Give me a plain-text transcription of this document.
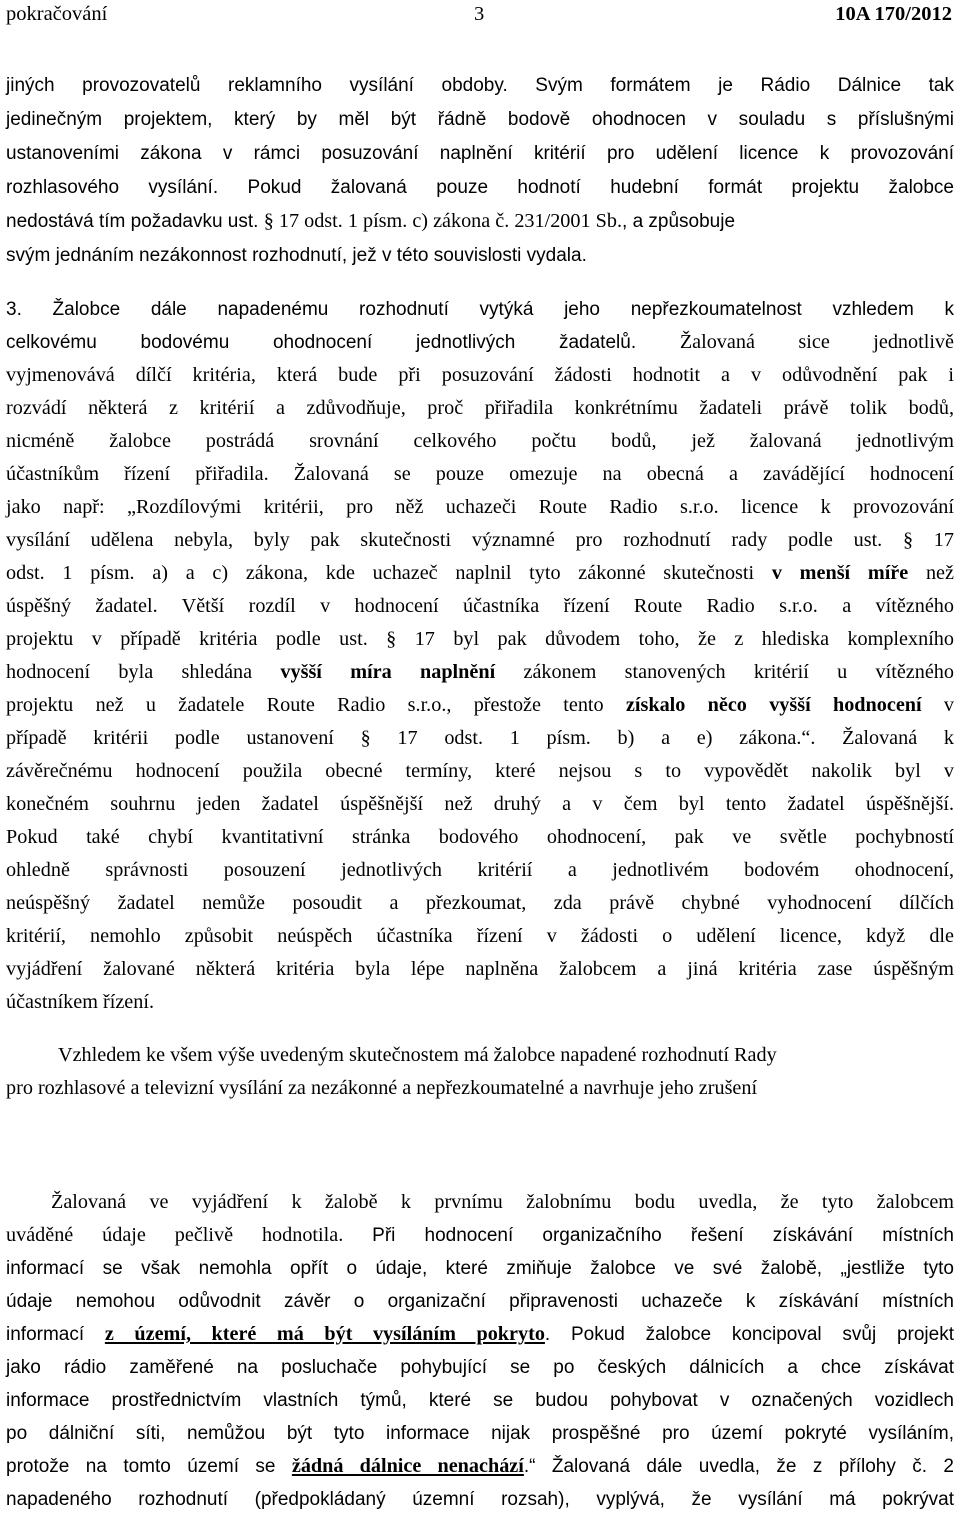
pokračování	3	10A 170/2012
jiných provozovatelů reklamního vysílání obdoby. Svým formátem je Rádio Dálnice tak
jedinečným projektem, který by měl být řádně bodově ohodnocen v souladu s příslušnými
ustanoveními zákona v rámci posuzování naplnění kritérií pro udělení licence k provozování
rozhlasového vysílání. Pokud žalovaná pouze hodnotí hudební formát projektu žalobce
nedostává tím požadavku ust. § 17 odst. 1 písm. c) zákona č. 231/2001 Sb., a způsobuje
svým jednáním nezákonnost rozhodnutí, jež v této souvislosti vydala.
3. Žalobce dále napadenému rozhodnutí vytýká jeho nepřezkoumatelnost vzhledem k
celkovému bodovému ohodnocení jednotlivých žadatelů. Žalovaná sice jednotlivě
vyjmenovává dílčí kritéria, která bude při posuzování žádosti hodnotit a v odůvodnění pak i
rozvádí některá z kritérií a zdůvodňuje, proč přiřadila konkrétnímu žadateli právě tolik bodů,
nicméně žalobce postrádá srovnání celkového počtu bodů, jež žalovaná jednotlivým
účastníkům řízení přiřadila. Žalovaná se pouze omezuje na obecná a zavádějící hodnocení
jako např: „Rozdílovými kritérii, pro něž uchazeči Route Radio s.r.o. licence k provozování
vysílání udělena nebyla, byly pak skutečnosti významné pro rozhodnutí rady podle ust. § 17
odst. 1 písm. a) a c) zákona, kde uchazeč naplnil tyto zákonné skutečnosti v menší míře než
úspěšný žadatel. Větší rozdíl v hodnocení účastníka řízení Route Radio s.r.o. a vítězného
projektu v případě kritéria podle ust. § 17 byl pak důvodem toho, že z hlediska komplexního
hodnocení byla shledána vyšší míra naplnění zákonem stanovených kritérií u vítězného
projektu než u žadatele Route Radio s.r.o., přestože tento získalo něco vyšší hodnocení v
případě kritérii podle ustanovení § 17 odst. 1 písm. b) a e) zákona.“. Žalovaná k
závěrečnému hodnocení použila obecné termíny, které nejsou s to vypovědět nakolik byl v
konečném souhrnu jeden žadatel úspěšnější než druhý a v čem byl tento žadatel úspěšnější.
Pokud také chybí kvantitativní stránka bodového ohodnocení, pak ve světle pochybností
ohledně správnosti posouzení jednotlivých kritérií a jednotlivém bodovém ohodnocení,
neúspěšný žadatel nemůže posoudit a přezkoumat, zda právě chybné vyhodnocení dílčích
kritérií, nemohlo způsobit neúspěch účastníka řízení v žádosti o udělení licence, když dle
vyjádření žalované některá kritéria byla lépe naplněna žalobcem a jiná kritéria zase úspěšným
účastníkem řízení.
Vzhledem ke všem výše uvedeným skutečnostem má žalobce napadené rozhodnutí Rady
pro rozhlasové a televizní vysílání za nezákonné a nepřezkoumatelné a navrhuje jeho zrušení
Žalovaná ve vyjádření k žalobě k prvnímu žalobnímu bodu uvedla, že tyto žalobcem
uváděné údaje pečlivě hodnotila. Při hodnocení organizačního řešení získávání místních
informací se však nemohla opřít o údaje, které zmiňuje žalobce ve své žalobě, „jestliže tyto
údaje nemohou odůvodnit závěr o organizační připravenosti uchazeče k získávání místních
informací z území, které má být vysíláním pokryto. Pokud žalobce koncipoval svůj projekt
jako rádio zaměřené na posluchače pohybující se po českých dálnicích a chce získávat
informace prostřednictvím vlastních týmů, které se budou pohybovat v označených vozidlech
po dálniční síti, nemůžou být tyto informace nijak prospěšné pro území pokryté vysíláním,
protože na tomto území se žádná dálnice nenachází.“ Žalovaná dále uvedla, že z přílohy č. 2
napadeného rozhodnutí (předpokládaný územní rozsah), vyplývá, že vysílání má pokrývat
